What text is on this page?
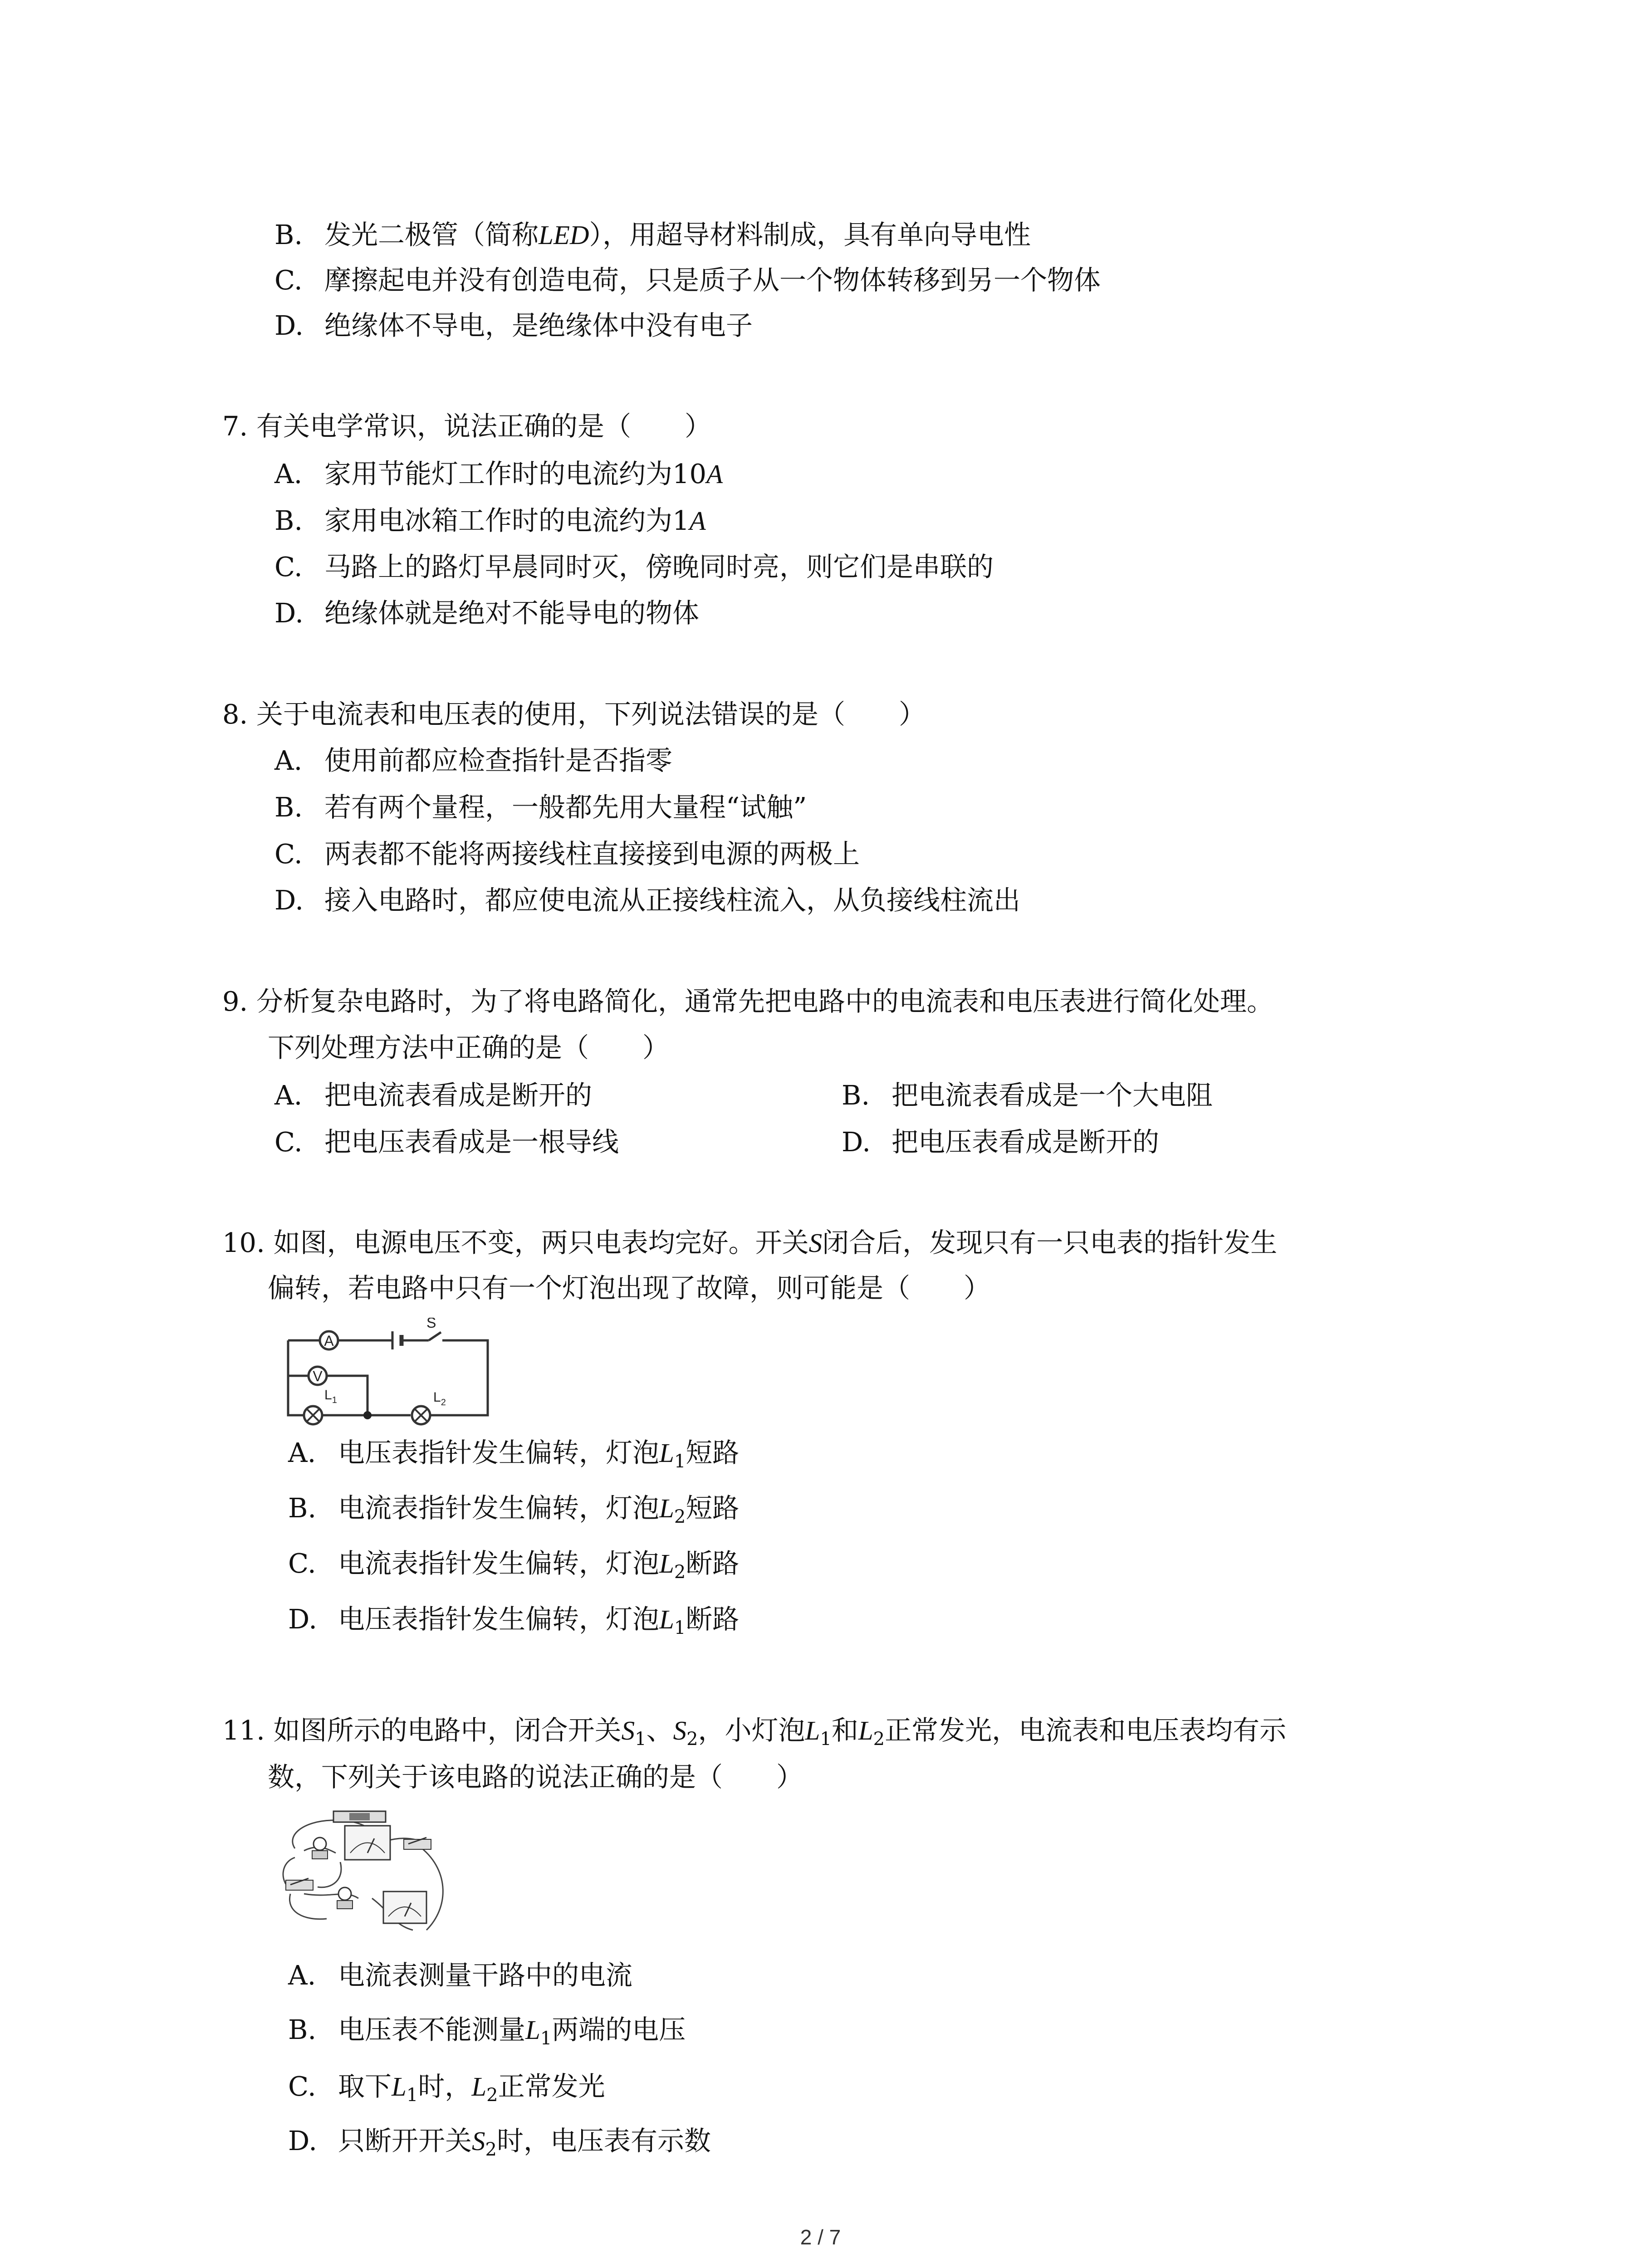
B. 发光二极管（简称LED），用超导材料制成，具有单向导电性
C. 摩擦起电并没有创造电荷，只是质子从一个物体转移到另一个物体
D. 绝缘体不导电，是绝缘体中没有电子
7. 有关电学常识，说法正确的是（　　）
A. 家用节能灯工作时的电流约为10A
B. 家用电冰箱工作时的电流约为1A
C. 马路上的路灯早晨同时灭，傍晚同时亮，则它们是串联的
D. 绝缘体就是绝对不能导电的物体
8. 关于电流表和电压表的使用，下列说法错误的是（　　）
A. 使用前都应检查指针是否指零
B. 若有两个量程，一般都先用大量程“试触”
C. 两表都不能将两接线柱直接接到电源的两极上
D. 接入电路时，都应使电流从正接线柱流入，从负接线柱流出
9. 分析复杂电路时，为了将电路简化，通常先把电路中的电流表和电压表进行简化处理。
下列处理方法中正确的是（　　）
A. 把电流表看成是断开的	B. 把电流表看成是一个大电阻
C. 把电压表看成是一根导线	D. 把电压表看成是断开的
10. 如图，电源电压不变，两只电表均完好。开关S闭合后，发现只有一只电表的指针发生
偏转，若电路中只有一个灯泡出现了故障，则可能是（　　）
A
V
S
$L_1$	$L_2$
A. 电压表指针发生偏转，灯泡$L_1$短路
B. 电流表指针发生偏转，灯泡$L_2$短路
C. 电流表指针发生偏转，灯泡$L_2$断路
D. 电压表指针发生偏转，灯泡$L_1$断路
11. 如图所示的电路中，闭合开关$S_1$、$S_2$，小灯泡$L_1$和$L_2$正常发光，电流表和电压表均有示
数，下列关于该电路的说法正确的是（　　）
A. 电流表测量干路中的电流
B. 电压表不能测量$L_1$两端的电压
C. 取下$L_1$时，$L_2$正常发光
D. 只断开开关$S_2$时，电压表有示数
2 / 7
